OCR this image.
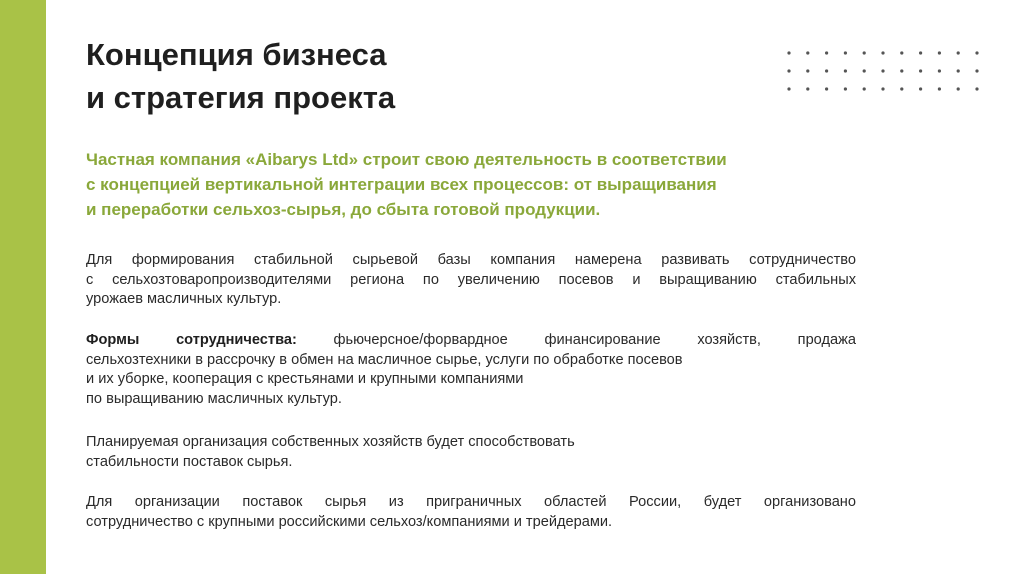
Концепция бизнеса
и стратегия проекта

Частная компания «Aibarys Ltd» строит свою деятельность в соответствии
с концепцией вертикальной интеграции всех процессов: от выращивания
и переработки сельхоз-сырья, до сбыта готовой продукции.

Для формирования стабильной сырьевой базы компания намерена развивать сотрудничество
с сельхозтоваропроизводителями региона по увеличению посевов и выращиванию стабильных
урожаев масличных культур.

Формы сотрудничества:	фьючерсное/форвардное финансирование хозяйств, продажа
сельхозтехники в рассрочку в обмен на масличное сырье, услуги по обработке посевов
и их уборке, кооперация с крестьянами и крупными компаниями
по выращиванию масличных культур.

Планируемая организация собственных хозяйств будет способствовать
стабильности поставок сырья.

Для организации поставок сырья из приграничных областей России, будет организовано
сотрудничество с крупными российскими сельхоз/компаниями и трейдерами.
